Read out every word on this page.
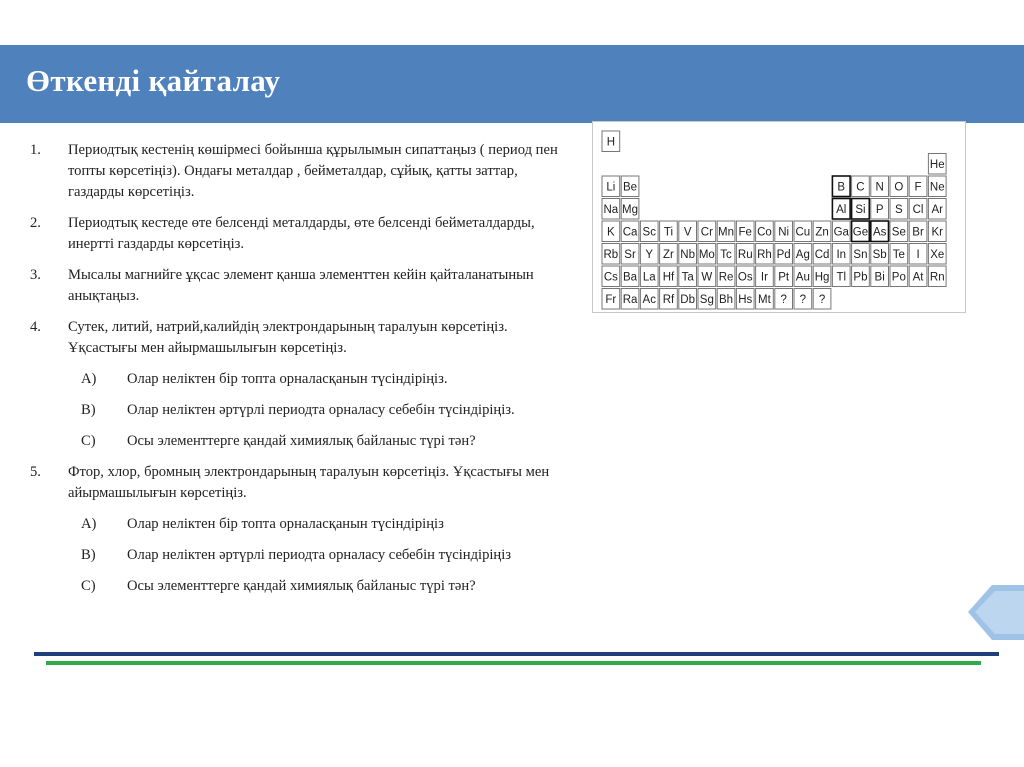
Өткенді қайталау
1. Периодтық кестенің көшірмесі бойынша құрылымын сипаттаңыз ( период пен топты көрсетіңіз). Ондағы металдар , бейметалдар, сұйық, қатты заттар, газдарды көрсетіңіз.
2. Периодтық кестеде өте белсенді металдарды, өте белсенді бейметалдарды, инертті газдарды көрсетіңіз.
3. Мысалы магнийге ұқсас элемент қанша элементтен кейін қайталанатынын анықтаңыз.
4. Сутек, литий, натрий,калийдің электрондарының таралуын көрсетіңіз. Ұқсастығы мен айырмашылығын көрсетіңіз.
A) Олар неліктен бір топта орналасқанын түсіндіріңіз.
B) Олар неліктен әртүрлі периодта орналасу себебін түсіндіріңіз.
C) Осы элементтерге қандай химиялық байланыс түрі тән?
5. Фтор, хлор, бромның электрондарының таралуын көрсетіңіз. Ұқсастығы мен айырмашылығын көрсетіңіз.
A) Олар неліктен бір топта орналасқанын түсіндіріңіз
B) Олар неліктен әртүрлі периодта орналасу себебін түсіндіріңіз
C) Осы элементтерге қандай химиялық байланыс түрі тән?
H
He
Li Be	B C N O F Ne
Na Mg	Al Si P S Cl Ar
K Ca Sc Ti V Cr Mn Fe Co Ni Cu Zn Ga Ge As Se Br Kr
Rb Sr Y Zr Nb Mo Tc Ru Rh Pd Ag Cd In Sn Sb Te I Xe
Cs Ba La Hf Ta W Re Os Ir Pt Au Hg Tl Pb Bi Po At Rn
Fr Ra Ac Rf Db Sg Bh Hs Mt ? ? ?
